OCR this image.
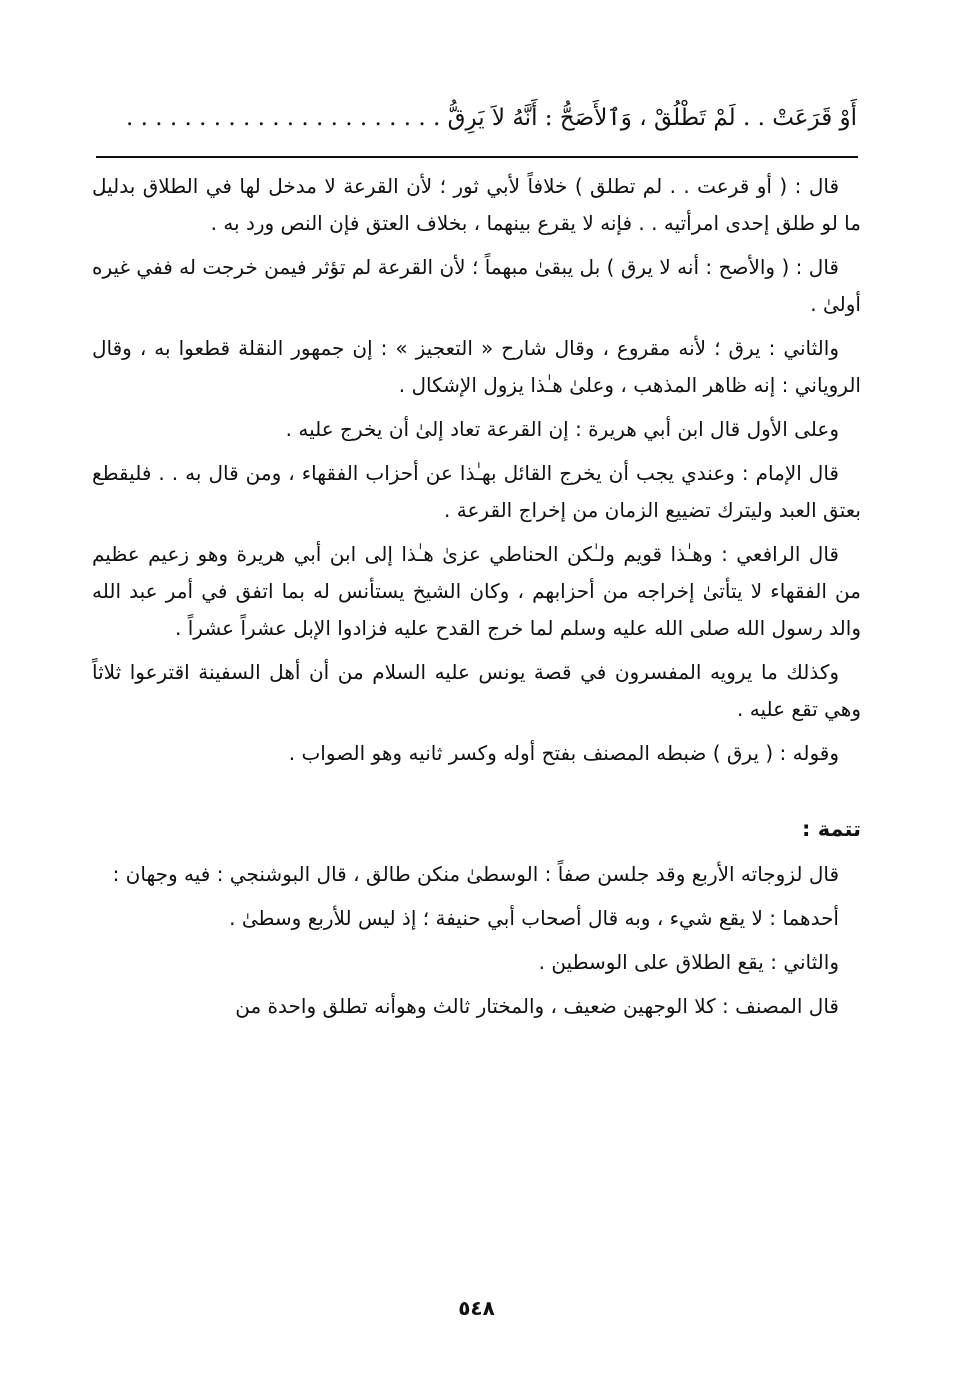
أَوْ قَرَعَتْ . . لَمْ تَطْلُقْ ، وَٱلأَصَحُّ : أَنَّهُ لاَ يَرِقُّ . . . . . . . . . . . . . . . . . . . . . .

قال : ( أو قرعت . . لم تطلق ) خلافاً لأبي ثور ؛ لأن القرعة لا مدخل لها في الطلاق بدليل ما لو طلق إحدى امرأتيه . . فإنه لا يقرع بينهما ، بخلاف العتق فإن النص ورد به .

قال : ( والأصح : أنه لا يرق ) بل يبقىٰ مبهماً ؛ لأن القرعة لم تؤثر فيمن خرجت له ففي غيره أولىٰ .

والثاني : يرق ؛ لأنه مقروع ، وقال شارح « التعجيز » : إن جمهور النقلة قطعوا به ، وقال الروياني : إنه ظاهر المذهب ، وعلىٰ هـٰذا يزول الإشكال .

وعلى الأول قال ابن أبي هريرة : إن القرعة تعاد إلىٰ أن يخرج عليه .

قال الإمام : وعندي يجب أن يخرج القائل بهـٰذا عن أحزاب الفقهاء ، ومن قال به . . فليقطع بعتق العبد وليترك تضييع الزمان من إخراج القرعة .

قال الرافعي : وهـٰذا قويم ولـٰكن الحناطي عزىٰ هـٰذا إلى ابن أبي هريرة وهو زعيم عظيم من الفقهاء لا يتأتىٰ إخراجه من أحزابهم ، وكان الشيخ يستأنس له بما اتفق في أمر عبد الله والد رسول الله صلى الله عليه وسلم لما خرج القدح عليه فزادوا الإبل عشراً عشراً .

وكذلك ما يرويه المفسرون في قصة يونس عليه السلام من أن أهل السفينة اقترعوا ثلاثاً وهي تقع عليه .

وقوله : ( يرق ) ضبطه المصنف بفتح أوله وكسر ثانيه وهو الصواب .

تتمة :

قال لزوجاته الأربع وقد جلسن صفاً : الوسطىٰ منكن طالق ، قال البوشنجي : فيه وجهان :

أحدهما : لا يقع شيء ، وبه قال أصحاب أبي حنيفة ؛ إذ ليس للأربع وسطىٰ .

والثاني : يقع الطلاق على الوسطين .

قال المصنف : كلا الوجهين ضعيف ، والمختار ثالث وهوأنه تطلق واحدة من

٥٤٨
